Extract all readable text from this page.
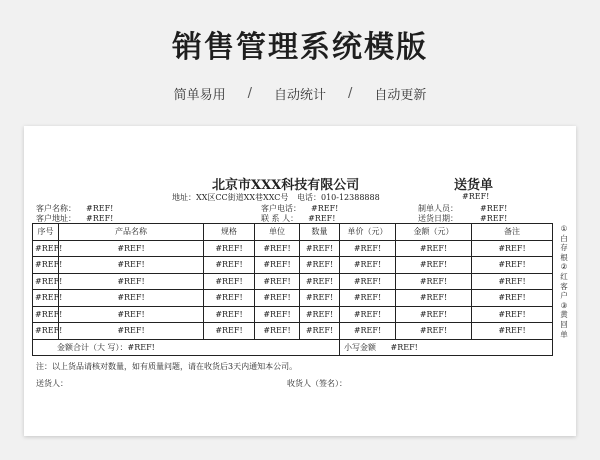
销售管理系统模版
简单易用 / 自动统计 / 自动更新
北京市XXX科技有限公司	送货单
地址：XX区CC街道XX巷XXC号 电话：010-12388888	#REF!
客户名称： #REF!	客户电话： #REF!	制单人员：	#REF!
客户地址： #REF!	联 系 人： #REF!	送货日期：	#REF!
序号	产品名称	规格	单位	数量	单价（元）	金额（元）	备注
#REF!	#REF!	#REF!	#REF!	#REF!	#REF!	#REF!	#REF!
#REF!	#REF!	#REF!	#REF!	#REF!	#REF!	#REF!	#REF!
#REF!	#REF!	#REF!	#REF!	#REF!	#REF!	#REF!	#REF!
#REF!	#REF!	#REF!	#REF!	#REF!	#REF!	#REF!	#REF!
#REF!	#REF!	#REF!	#REF!	#REF!	#REF!	#REF!	#REF!
#REF!	#REF!	#REF!	#REF!	#REF!	#REF!	#REF!	#REF!
金额合计（大 写）：#REF!					小写金额 #REF!		
①
白
存
根
②
红
客
户
③
黄
回
单
注：以上货品请核对数量，如有质量问题，请在收货后3天内通知本公司。
送货人：	收货人（签名）：
